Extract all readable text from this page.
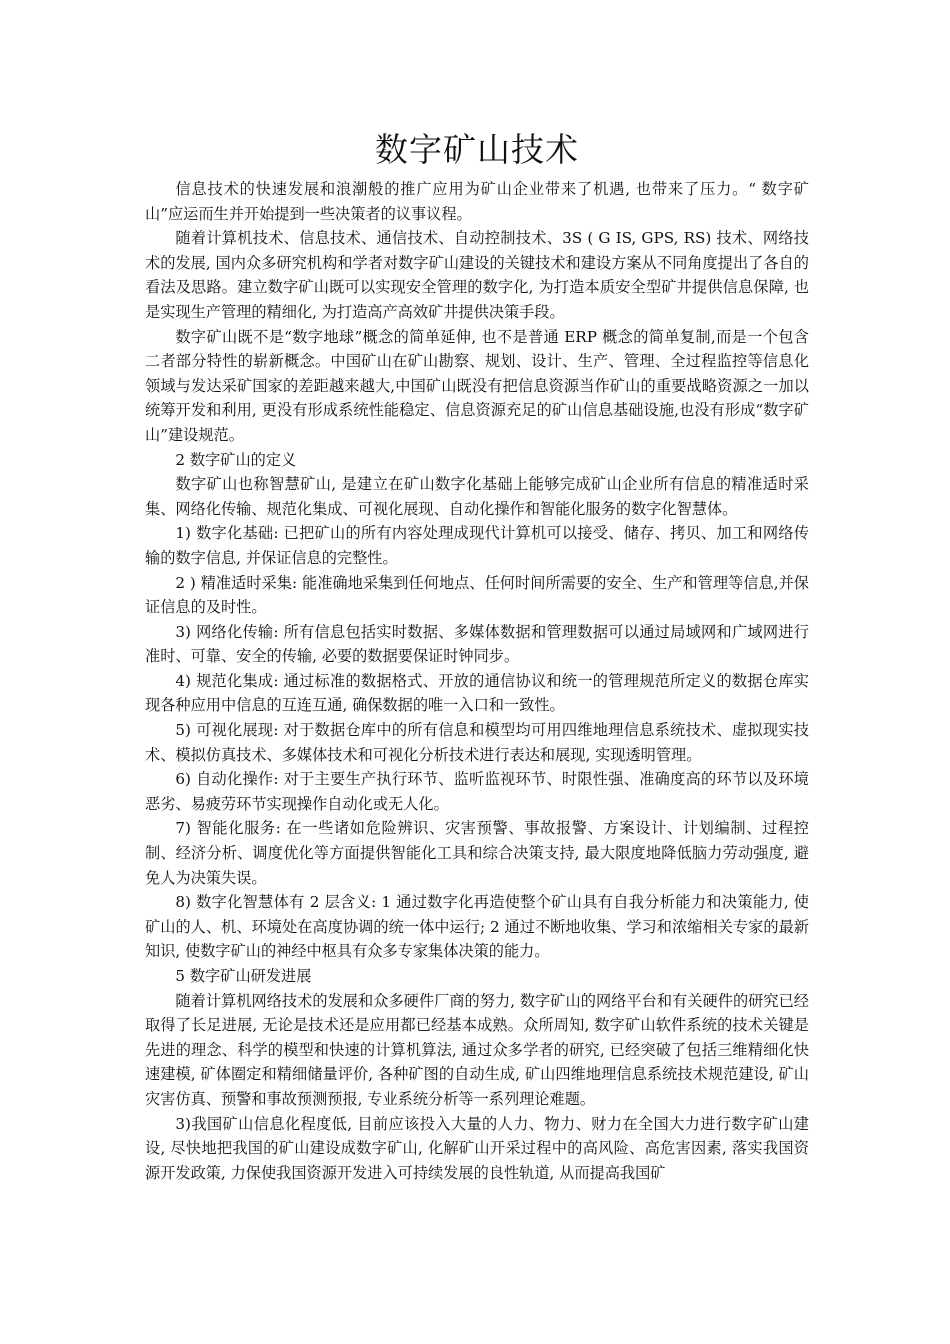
数字矿山技术

信息技术的快速发展和浪潮般的推广应用为矿山企业带来了机遇, 也带来了压力。“ 数字矿山”应运而生并开始提到一些决策者的议事议程。

随着计算机技术、信息技术、通信技术、自动控制技术、3S ( G IS, GPS, RS) 技术、网络技术的发展, 国内众多研究机构和学者对数字矿山建设的关键技术和建设方案从不同角度提出了各自的看法及思路。建立数字矿山既可以实现安全管理的数字化, 为打造本质安全型矿井提供信息保障, 也是实现生产管理的精细化, 为打造高产高效矿井提供决策手段。

数字矿山既不是“数字地球”概念的简单延伸, 也不是普通 ERP 概念的简单复制,而是一个包含二者部分特性的崭新概念。中国矿山在矿山勘察、规划、设计、生产、管理、全过程监控等信息化领域与发达采矿国家的差距越来越大,中国矿山既没有把信息资源当作矿山的重要战略资源之一加以统筹开发和利用, 更没有形成系统性能稳定、信息资源充足的矿山信息基础设施,也没有形成“数字矿山”建设规范。

2 数字矿山的定义

数字矿山也称智慧矿山, 是建立在矿山数字化基础上能够完成矿山企业所有信息的精准适时采集、网络化传输、规范化集成、可视化展现、自动化操作和智能化服务的数字化智慧体。

1) 数字化基础: 已把矿山的所有内容处理成现代计算机可以接受、储存、拷贝、加工和网络传输的数字信息, 并保证信息的完整性。

2 ) 精准适时采集: 能准确地采集到任何地点、任何时间所需要的安全、生产和管理等信息,并保证信息的及时性。

3) 网络化传输: 所有信息包括实时数据、多媒体数据和管理数据可以通过局域网和广域网进行准时、可靠、安全的传输, 必要的数据要保证时钟同步。

4) 规范化集成: 通过标准的数据格式、开放的通信协议和统一的管理规范所定义的数据仓库实现各种应用中信息的互连互通, 确保数据的唯一入口和一致性。

5) 可视化展现: 对于数据仓库中的所有信息和模型均可用四维地理信息系统技术、虚拟现实技术、模拟仿真技术、多媒体技术和可视化分析技术进行表达和展现, 实现透明管理。

6) 自动化操作: 对于主要生产执行环节、监听监视环节、时限性强、准确度高的环节以及环境恶劣、易疲劳环节实现操作自动化或无人化。

7) 智能化服务: 在一些诸如危险辨识、灾害预警、事故报警、方案设计、计划编制、过程控制、经济分析、调度优化等方面提供智能化工具和综合决策支持, 最大限度地降低脑力劳动强度, 避免人为决策失误。

8) 数字化智慧体有 2 层含义: 1 通过数字化再造使整个矿山具有自我分析能力和决策能力, 使矿山的人、机、环境处在高度协调的统一体中运行; 2 通过不断地收集、学习和浓缩相关专家的最新知识, 使数字矿山的神经中枢具有众多专家集体决策的能力。

5 数字矿山研发进展

随着计算机网络技术的发展和众多硬件厂商的努力, 数字矿山的网络平台和有关硬件的研究已经取得了长足进展, 无论是技术还是应用都已经基本成熟。众所周知, 数字矿山软件系统的技术关键是先进的理念、科学的模型和快速的计算机算法, 通过众多学者的研究, 已经突破了包括三维精细化快速建模, 矿体圈定和精细储量评价, 各种矿图的自动生成, 矿山四维地理信息系统技术规范建设, 矿山灾害仿真、预警和事故预测预报, 专业系统分析等一系列理论难题。

3)我国矿山信息化程度低, 目前应该投入大量的人力、物力、财力在全国大力进行数字矿山建设, 尽快地把我国的矿山建设成数字矿山, 化解矿山开采过程中的高风险、高危害因素, 落实我国资源开发政策, 力保使我国资源开发进入可持续发展的良性轨道, 从而提高我国矿
